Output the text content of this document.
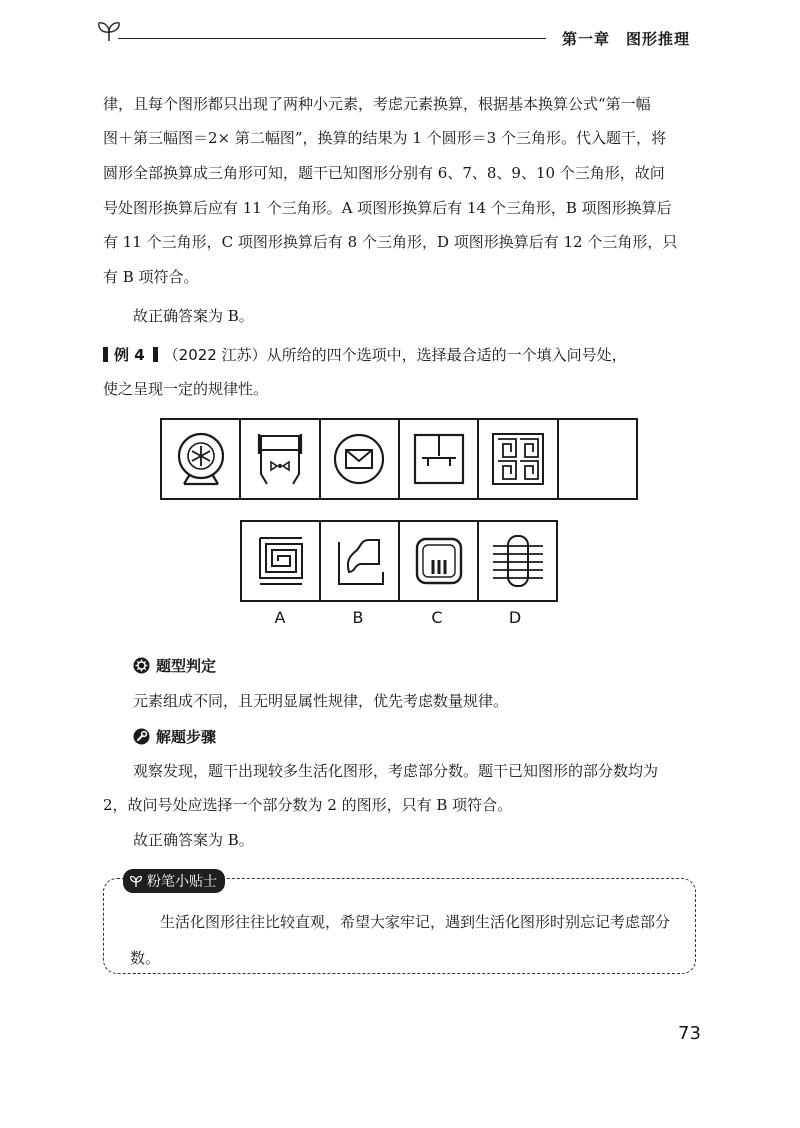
第一章　图形推理
律，且每个图形都只出现了两种小元素，考虑元素换算，根据基本换算公式“第一幅
图＋第三幅图＝2× 第二幅图”，换算的结果为 1 个圆形＝3 个三角形。代入题干，将
圆形全部换算成三角形可知，题干已知图形分别有 6、7、8、9、10 个三角形，故问
号处图形换算后应有 11 个三角形。A 项图形换算后有 14 个三角形，B 项图形换算后
有 11 个三角形，C 项图形换算后有 8 个三角形，D 项图形换算后有 12 个三角形，只
有 B 项符合。
故正确答案为 B。
例 4 （2022 江苏）从所给的四个选项中，选择最合适的一个填入问号处，
使之呈现一定的规律性。
A	B	C	D
题型判定
元素组成不同，且无明显属性规律，优先考虑数量规律。
解题步骤
观察发现，题干出现较多生活化图形，考虑部分数。题干已知图形的部分数均为
2，故问号处应选择一个部分数为 2 的图形，只有 B 项符合。
故正确答案为 B。
粉笔小贴士
生活化图形往往比较直观，希望大家牢记，遇到生活化图形时别忘记考虑部分数。
73
